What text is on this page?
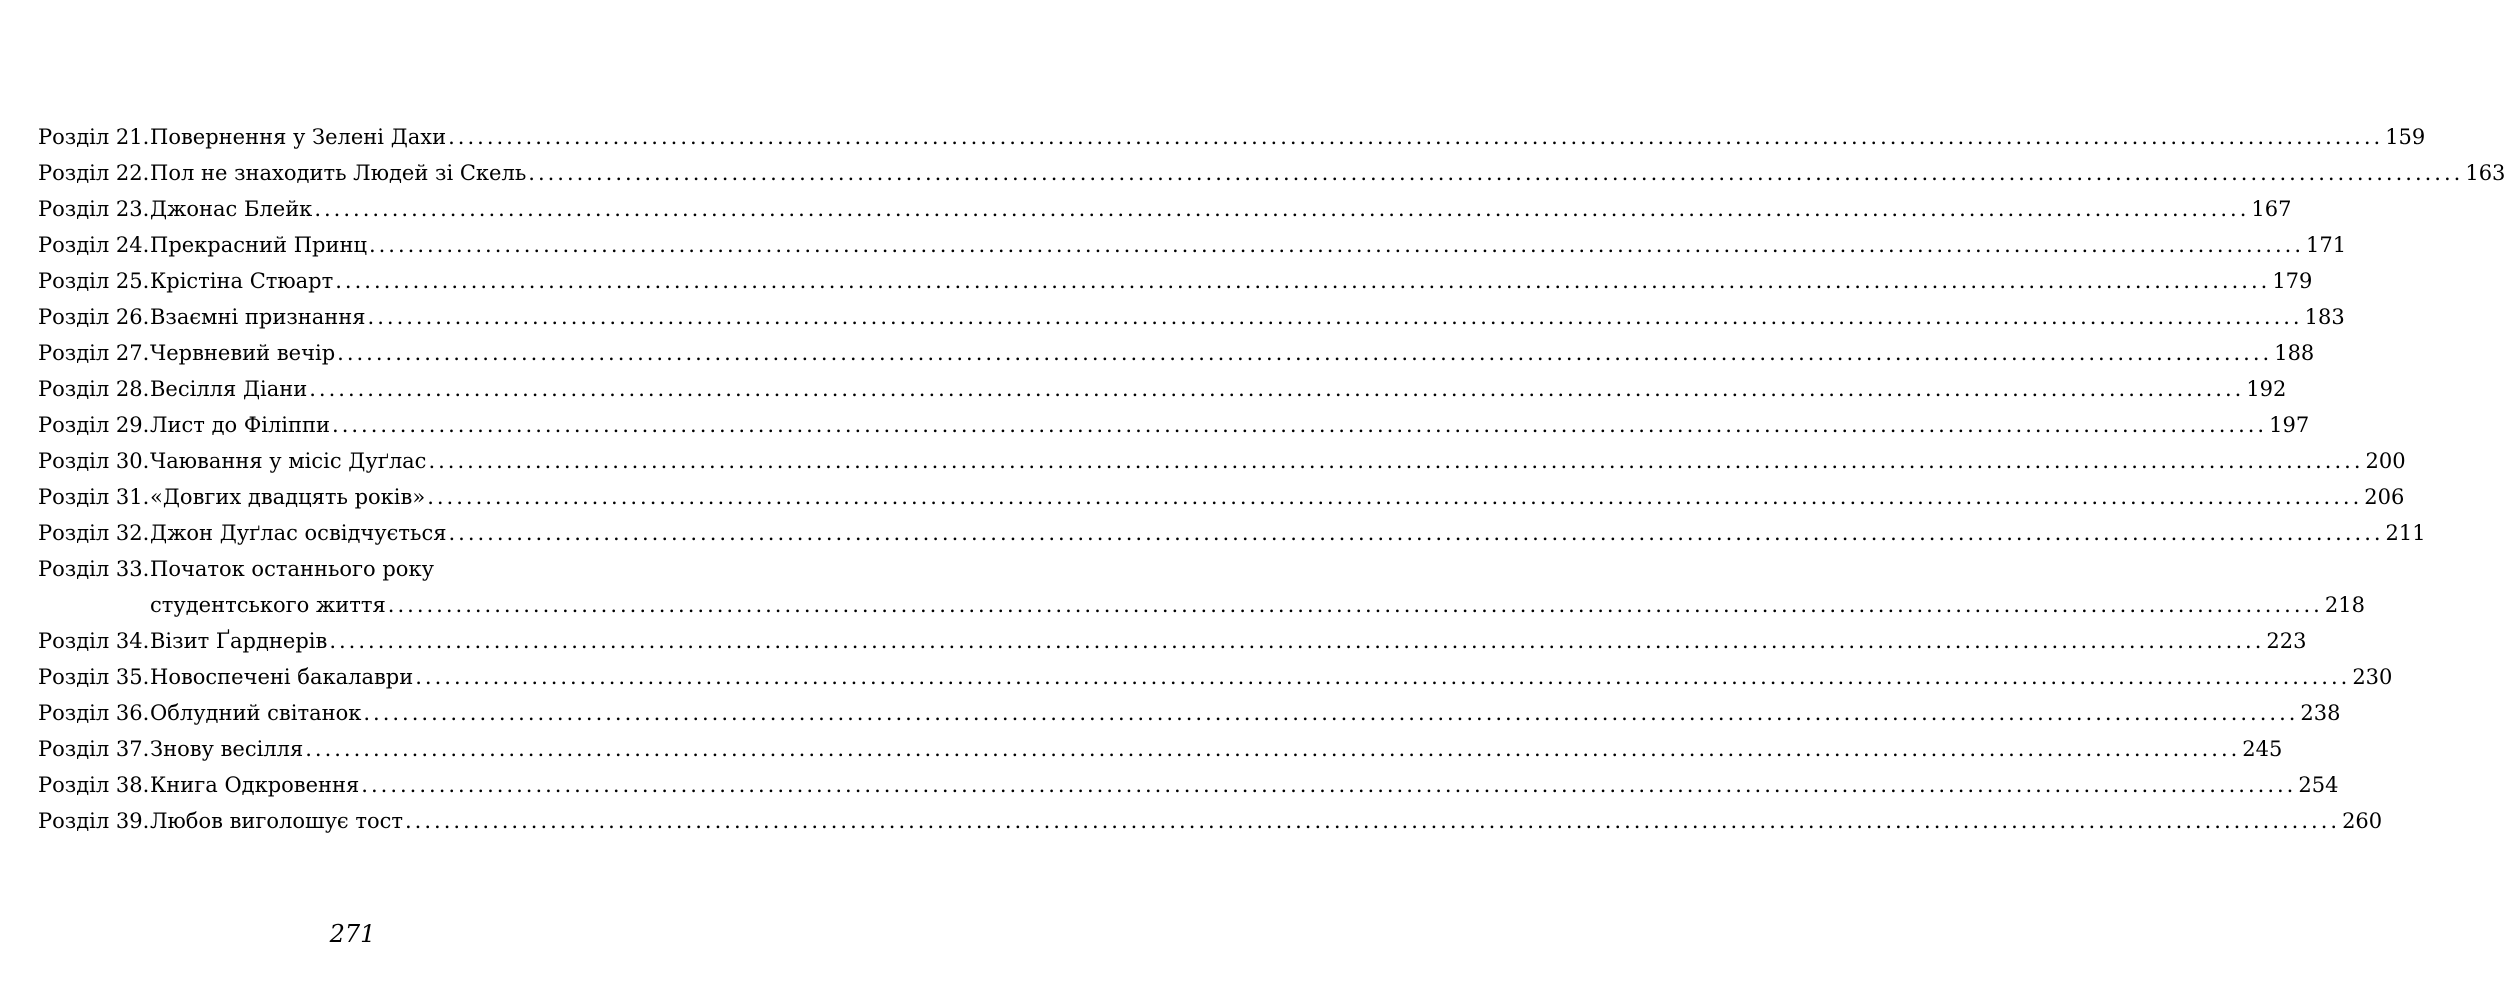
Розділ 21. Повернення у Зелені Дахи ........................................................................................................................................................................................................ 159
Розділ 22. Пол не знаходить Людей зі Скель ........................................................................................................................................................................................................ 163
Розділ 23. Джонас Блейк ........................................................................................................................................................................................................ 167
Розділ 24. Прекрасний Принц ........................................................................................................................................................................................................ 171
Розділ 25. Крістіна Стюарт ........................................................................................................................................................................................................ 179
Розділ 26. Взаємні признання ........................................................................................................................................................................................................ 183
Розділ 27. Червневий вечір ........................................................................................................................................................................................................ 188
Розділ 28. Весілля Діани ........................................................................................................................................................................................................ 192
Розділ 29. Лист до Філіппи ........................................................................................................................................................................................................ 197
Розділ 30. Чаювання у місіс Дуґлас ........................................................................................................................................................................................................ 200
Розділ 31. «Довгих двадцять років» ........................................................................................................................................................................................................ 206
Розділ 32. Джон Дуґлас освідчується ........................................................................................................................................................................................................ 211
Розділ 33. Початок останнього року
студентського життя ........................................................................................................................................................................................................ 218
Розділ 34. Візит Ґарднерів ........................................................................................................................................................................................................ 223
Розділ 35. Новоспечені бакалаври ........................................................................................................................................................................................................ 230
Розділ 36. Облудний світанок ........................................................................................................................................................................................................ 238
Розділ 37. Знову весілля ........................................................................................................................................................................................................ 245
Розділ 38. Книга Одкровення ........................................................................................................................................................................................................ 254
Розділ 39. Любов виголошує тост ........................................................................................................................................................................................................ 260
271
